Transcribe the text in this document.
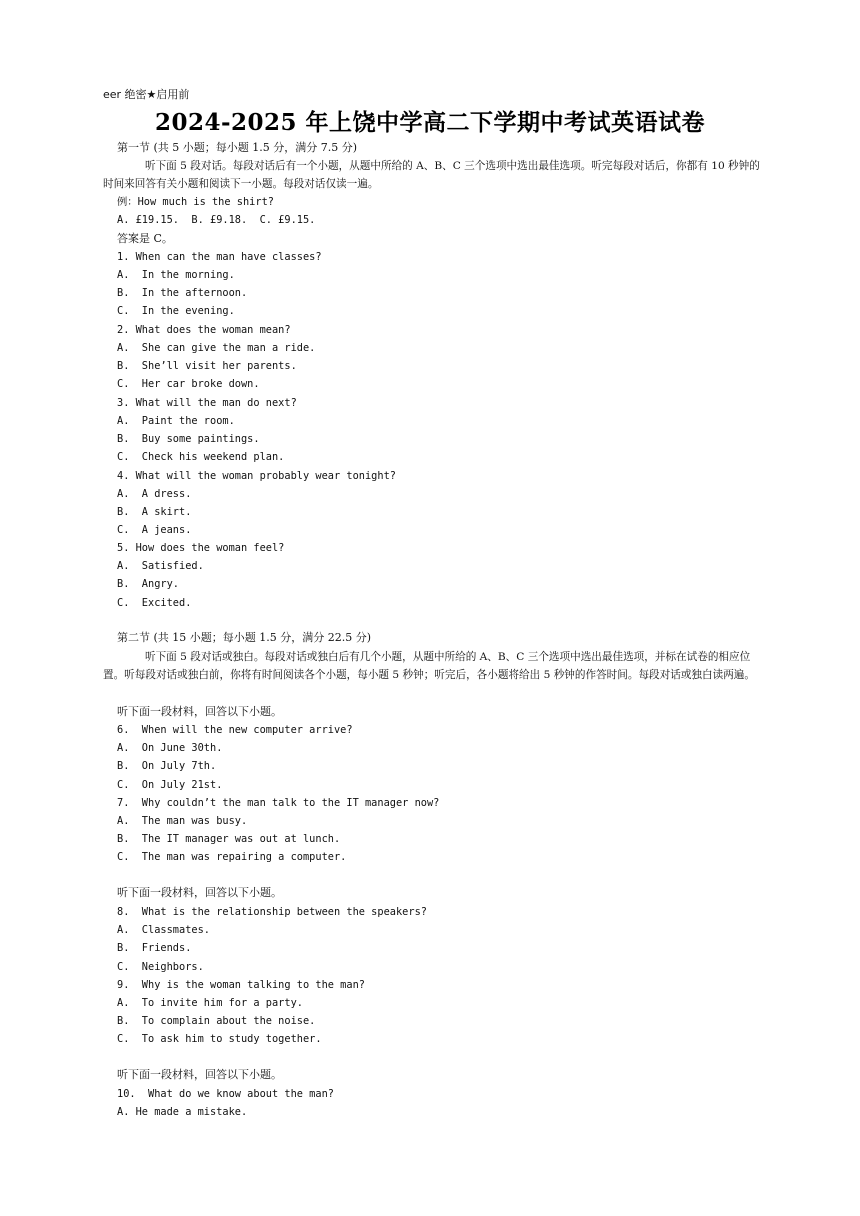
eer 绝密★启用前
2024-2025 年上饶中学高二下学期中考试英语试卷
第一节 (共 5 小题；每小题 1.5 分，满分 7.5 分)
听下面 5 段对话。每段对话后有一个小题，从题中所给的 A、B、C 三个选项中选出最佳选项。听完每段对话后，你都有 10 秒钟的时间来回答有关小题和阅读下一小题。每段对话仅读一遍。
例：How much is the shirt?
A. £19.15.  B. £9.18.  C. £9.15.
答案是 C。
1. When can the man have classes?
A.  In the morning.
B.  In the afternoon.
C.  In the evening.
2. What does the woman mean?
A.  She can give the man a ride.
B.  She’ll visit her parents.
C.  Her car broke down.
3. What will the man do next?
A.  Paint the room.
B.  Buy some paintings.
C.  Check his weekend plan.
4. What will the woman probably wear tonight?
A.  A dress.
B.  A skirt.
C.  A jeans.
5. How does the woman feel?
A.  Satisfied.
B.  Angry.
C.  Excited.
第二节 (共 15 小题；每小题 1.5 分，满分 22.5 分)
听下面 5 段对话或独白。每段对话或独白后有几个小题，从题中所给的 A、B、C 三个选项中选出最佳选项，并标在试卷的相应位置。听每段对话或独白前，你将有时间阅读各个小题，每小题 5 秒钟；听完后，各小题将给出 5 秒钟的作答时间。每段对话或独白读两遍。
听下面一段材料，回答以下小题。
6.  When will the new computer arrive?
A.  On June 30th.
B.  On July 7th.
C.  On July 21st.
7.  Why couldn’t the man talk to the IT manager now?
A.  The man was busy.
B.  The IT manager was out at lunch.
C.  The man was repairing a computer.
听下面一段材料，回答以下小题。
8.  What is the relationship between the speakers?
A.  Classmates.
B.  Friends.
C.  Neighbors.
9.  Why is the woman talking to the man?
A.  To invite him for a party.
B.  To complain about the noise.
C.  To ask him to study together.
听下面一段材料，回答以下小题。
10.  What do we know about the man?
A. He made a mistake.
